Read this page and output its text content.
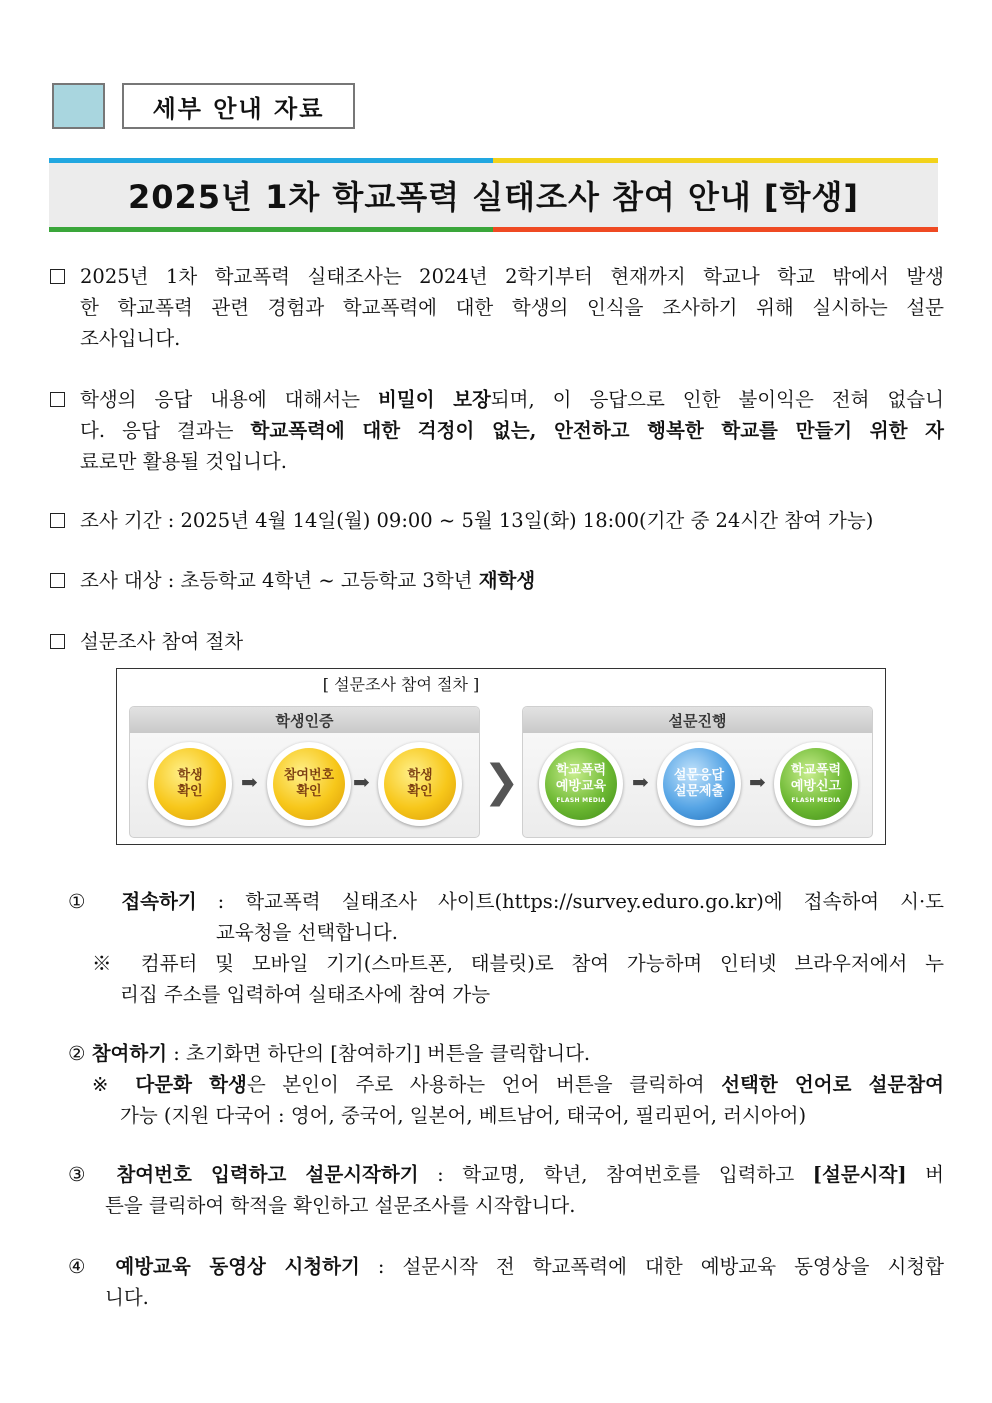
세부 안내 자료
2025년 1차 학교폭력 실태조사 참여 안내 [학생]
2025년 1차 학교폭력 실태조사는 2024년 2학기부터 현재까지 학교나 학교 밖에서 발생
한 학교폭력 관련 경험과 학교폭력에 대한 학생의 인식을 조사하기 위해 실시하는 설문
조사입니다.
학생의 응답 내용에 대해서는 비밀이 보장되며, 이 응답으로 인한 불이익은 전혀 없습니
다. 응답 결과는 학교폭력에 대한 걱정이 없는, 안전하고 행복한 학교를 만들기 위한 자
료로만 활용될 것입니다.
조사 기간 : 2025년 4월 14일(월) 09:00 ~ 5월 13일(화) 18:00(기간 중 24시간 참여 가능)
조사 대상 : 초등학교 4학년 ~ 고등학교 3학년 재학생
설문조사 참여 절차
[ 설문조사 참여 절차 ]
학생인증	설문진행
학생
확인 ➡ 참여번호
확인 ➡	학생
확인 ❯	학교폭력
예방교육
FLASH MEDIA
➡ 설문응답
설문제출 ➡ 학교폭력
예방신고
FLASH MEDIA
① 접속하기 : 학교폭력 실태조사 사이트(https://survey.eduro.go.kr)에 접속하여 시·도
교육청을 선택합니다.
※ 컴퓨터 및 모바일 기기(스마트폰, 태블릿)로 참여 가능하며 인터넷 브라우저에서 누
리집 주소를 입력하여 실태조사에 참여 가능
② 참여하기 : 초기화면 하단의 [참여하기] 버튼을 클릭합니다.
※ 다문화 학생은 본인이 주로 사용하는 언어 버튼을 클릭하여 선택한 언어로 설문참여
가능 (지원 다국어 : 영어, 중국어, 일본어, 베트남어, 태국어, 필리핀어, 러시아어)
③ 참여번호 입력하고 설문시작하기 : 학교명, 학년, 참여번호를 입력하고 [설문시작] 버
튼을 클릭하여 학적을 확인하고 설문조사를 시작합니다.
④ 예방교육 동영상 시청하기 : 설문시작 전 학교폭력에 대한 예방교육 동영상을 시청합
니다.
